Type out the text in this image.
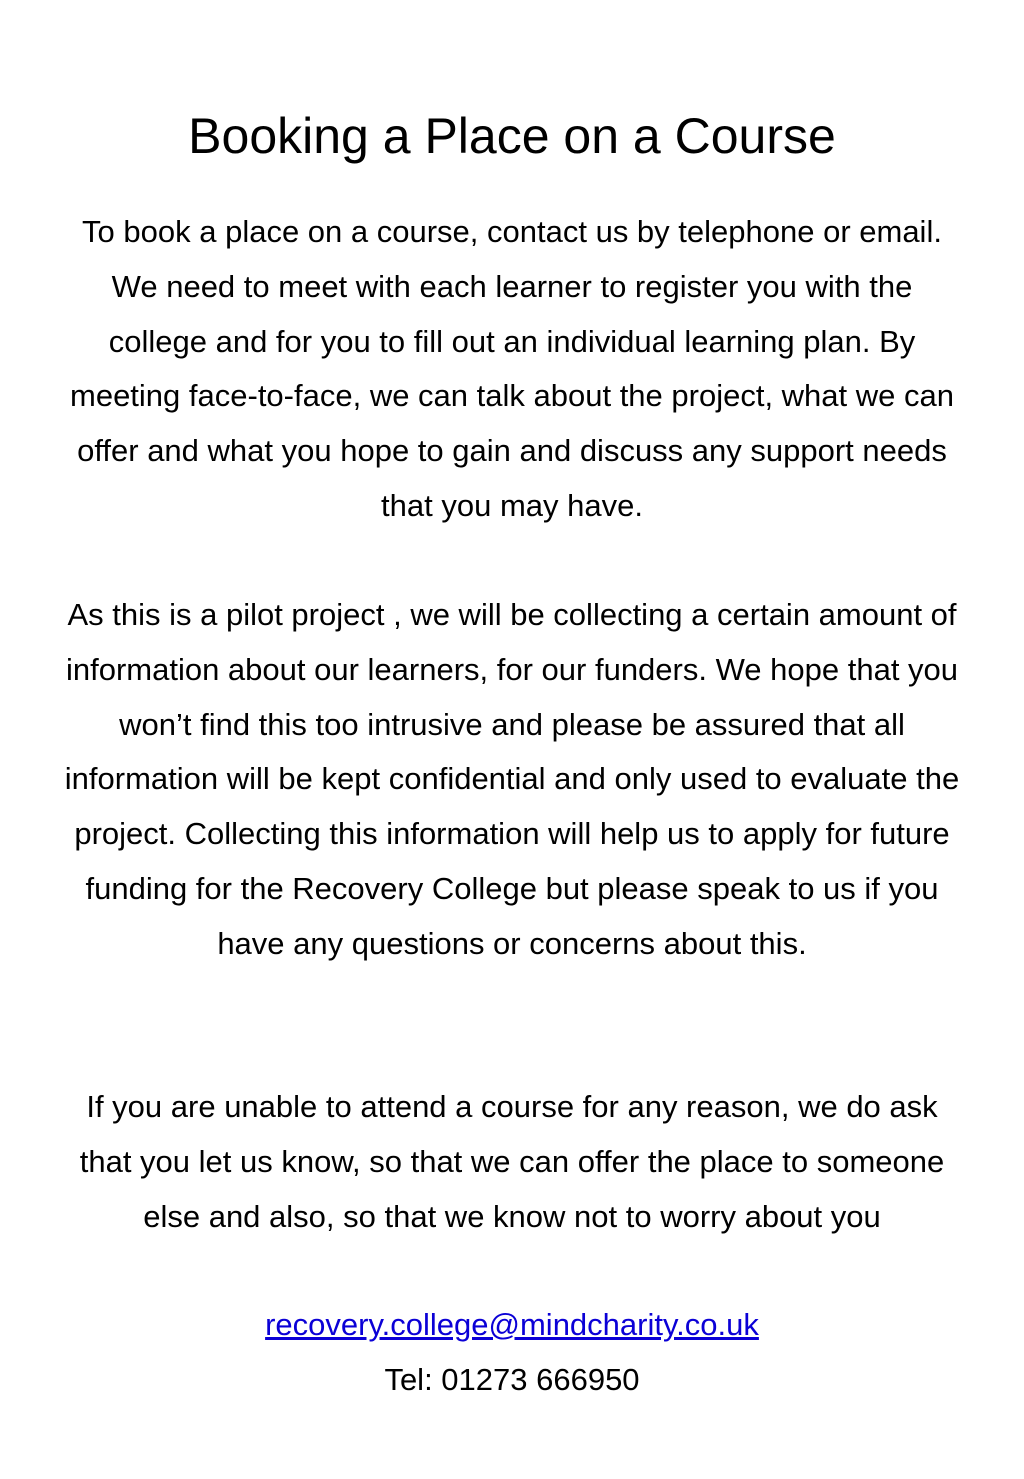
Booking a Place on a Course

To book a place on a course, contact us by telephone or email. We need to meet with each learner to register you with the college and for you to fill out an individual learning plan. By meeting face-to-face, we can talk about the project, what we can offer and what you hope to gain and discuss any support needs that you may have.

As this is a pilot project , we will be collecting a certain amount of information about our learners, for our funders. We hope that you won’t find this too intrusive and please be assured that all information will be kept confidential and only used to evaluate the project. Collecting this information will help us to apply for future funding for the Recovery College but please speak to us if you have any questions or concerns about this.

If you are unable to attend a course for any reason, we do ask that you let us know, so that we can offer the place to someone else and also, so that we know not to worry about you

recovery.college@mindcharity.co.uk
Tel: 01273 666950
